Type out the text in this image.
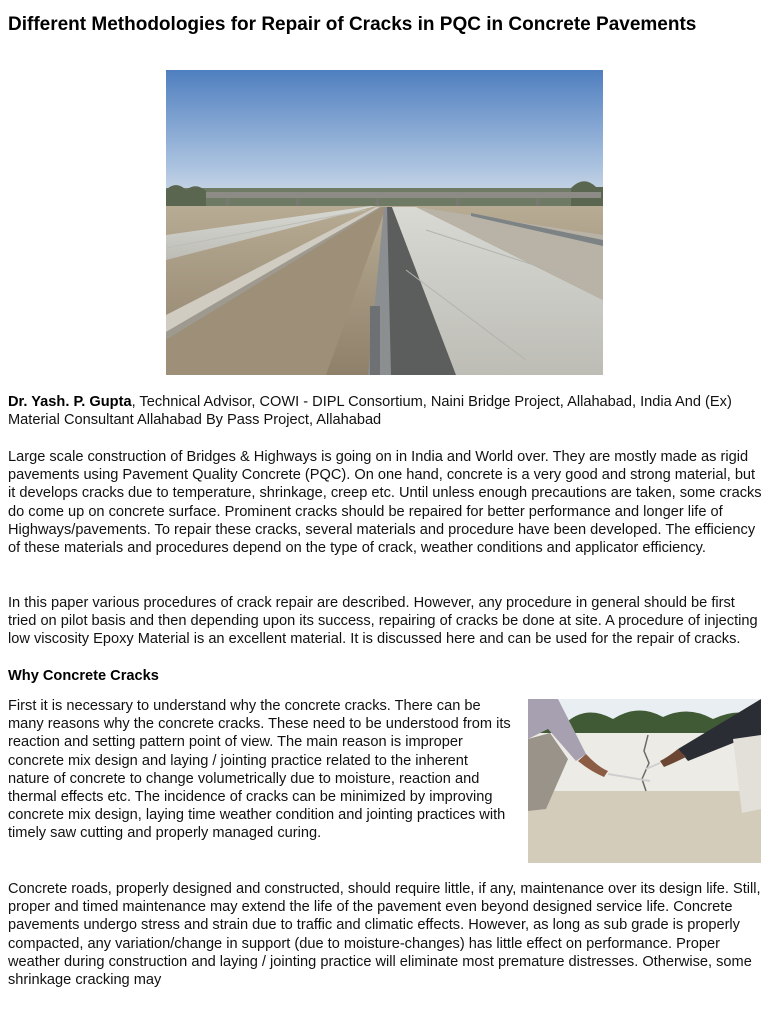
Different Methodologies for Repair of Cracks in PQC in Concrete Pavements
Dr. Yash. P. Gupta, Technical Advisor, COWI - DIPL Consortium, Naini Bridge Project, Allahabad, India And (Ex) Material Consultant Allahabad By Pass Project, Allahabad

Large scale construction of Bridges & Highways is going on in India and World over. They are mostly made as rigid pavements using Pavement Quality Concrete (PQC). On one hand, concrete is a very good and strong material, but it develops cracks due to temperature, shrinkage, creep etc. Until unless enough precautions are taken, some cracks do come up on concrete surface. Prominent cracks should be repaired for better performance and longer life of Highways/pavements. To repair these cracks, several materials and procedure have been developed. The efficiency of these materials and procedures depend on the type of crack, weather conditions and applicator efficiency.

In this paper various procedures of crack repair are described. However, any procedure in general should be first tried on pilot basis and then depending upon its success, repairing of cracks be done at site. A procedure of injecting low viscosity Epoxy Material is an excellent material. It is discussed here and can be used for the repair of cracks.

Why Concrete Cracks

First it is necessary to understand why the concrete cracks. There can be many reasons why the concrete cracks. These need to be understood from its reaction and setting pattern point of view. The main reason is improper concrete mix design and laying / jointing practice related to the inherent nature of concrete to change volumetrically due to moisture, reaction and thermal effects etc. The incidence of cracks can be minimized by improving concrete mix design, laying time weather condition and jointing practices with timely saw cutting and properly managed curing.

Concrete roads, properly designed and constructed, should require little, if any, maintenance over its design life. Still, proper and timed maintenance may extend the life of the pavement even beyond designed service life. Concrete pavements undergo stress and strain due to traffic and climatic effects. However, as long as sub grade is properly compacted, any variation/change in support (due to moisture-changes) has little effect on performance. Proper weather during construction and laying / jointing practice will eliminate most premature distresses. Otherwise, some shrinkage cracking may
